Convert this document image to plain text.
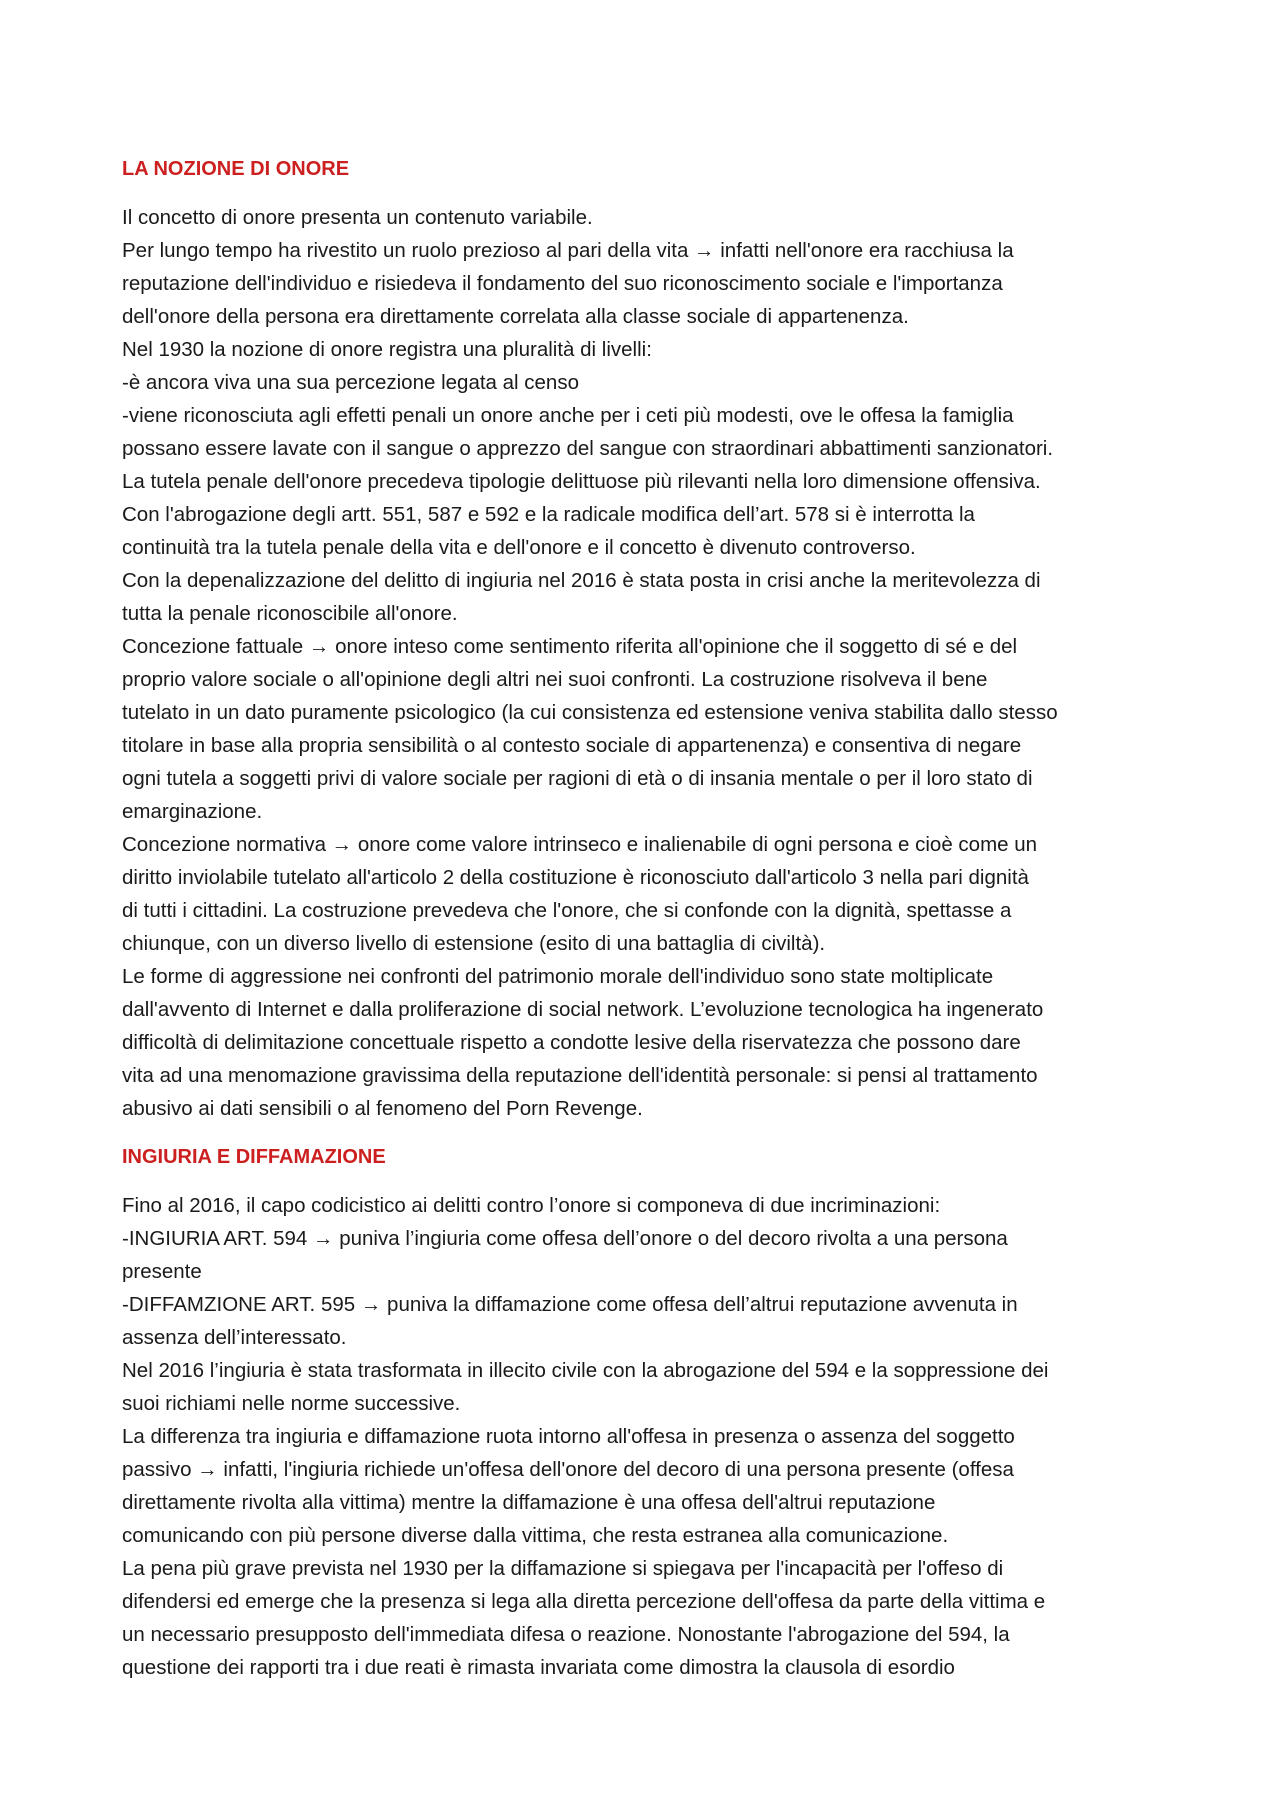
LA NOZIONE DI ONORE

Il concetto di onore presenta un contenuto variabile.

Per lungo tempo ha rivestito un ruolo prezioso al pari della vita → infatti nell'onore era racchiusa la

reputazione dell'individuo e risiedeva il fondamento del suo riconoscimento sociale e l'importanza

dell'onore della persona era direttamente correlata alla classe sociale di appartenenza.

Nel 1930 la nozione di onore registra una pluralità di livelli:

-è ancora viva una sua percezione legata al censo

-viene riconosciuta agli effetti penali un onore anche per i ceti più modesti, ove le offesa la famiglia

possano essere lavate con il sangue o apprezzo del sangue con straordinari abbattimenti sanzionatori.

La tutela penale dell'onore precedeva tipologie delittuose più rilevanti nella loro dimensione offensiva.

Con l'abrogazione degli artt. 551, 587 e 592 e la radicale modifica dell’art. 578 si è interrotta la

continuità tra la tutela penale della vita e dell'onore e il concetto è divenuto controverso.

Con la depenalizzazione del delitto di ingiuria nel 2016 è stata posta in crisi anche la meritevolezza di

tutta la penale riconoscibile all'onore.

Concezione fattuale → onore inteso come sentimento riferita all'opinione che il soggetto di sé e del

proprio valore sociale o all'opinione degli altri nei suoi confronti. La costruzione risolveva il bene

tutelato in un dato puramente psicologico (la cui consistenza ed estensione veniva stabilita dallo stesso

titolare in base alla propria sensibilità o al contesto sociale di appartenenza) e consentiva di negare

ogni tutela a soggetti privi di valore sociale per ragioni di età o di insania mentale o per il loro stato di

emarginazione.

Concezione normativa → onore come valore intrinseco e inalienabile di ogni persona e cioè come un

diritto inviolabile tutelato all'articolo 2 della costituzione è riconosciuto dall'articolo 3 nella pari dignità

di tutti i cittadini. La costruzione prevedeva che l'onore, che si confonde con la dignità, spettasse a

chiunque, con un diverso livello di estensione (esito di una battaglia di civiltà).

Le forme di aggressione nei confronti del patrimonio morale dell'individuo sono state moltiplicate

dall'avvento di Internet e dalla proliferazione di social network. L’evoluzione tecnologica ha ingenerato

difficoltà di delimitazione concettuale rispetto a condotte lesive della riservatezza che possono dare

vita ad una menomazione gravissima della reputazione dell'identità personale: si pensi al trattamento

abusivo ai dati sensibili o al fenomeno del Porn Revenge.

INGIURIA E DIFFAMAZIONE

Fino al 2016, il capo codicistico ai delitti contro l’onore si componeva di due incriminazioni:

-INGIURIA ART. 594 → puniva l’ingiuria come offesa dell’onore o del decoro rivolta a una persona

presente

-DIFFAMZIONE ART. 595 → puniva la diffamazione come offesa dell’altrui reputazione avvenuta in

assenza dell’interessato.

Nel 2016 l’ingiuria è stata trasformata in illecito civile con la abrogazione del 594 e la soppressione dei

suoi richiami nelle norme successive.

La differenza tra ingiuria e diffamazione ruota intorno all'offesa in presenza o assenza del soggetto

passivo → infatti, l'ingiuria richiede un'offesa dell'onore del decoro di una persona presente (offesa

direttamente rivolta alla vittima) mentre la diffamazione è una offesa dell'altrui reputazione

comunicando con più persone diverse dalla vittima, che resta estranea alla comunicazione.

La pena più grave prevista nel 1930 per la diffamazione si spiegava per l'incapacità per l'offeso di

difendersi ed emerge che la presenza si lega alla diretta percezione dell'offesa da parte della vittima e

un necessario presupposto dell'immediata difesa o reazione. Nonostante l'abrogazione del 594, la

questione dei rapporti tra i due reati è rimasta invariata come dimostra la clausola di esordio
